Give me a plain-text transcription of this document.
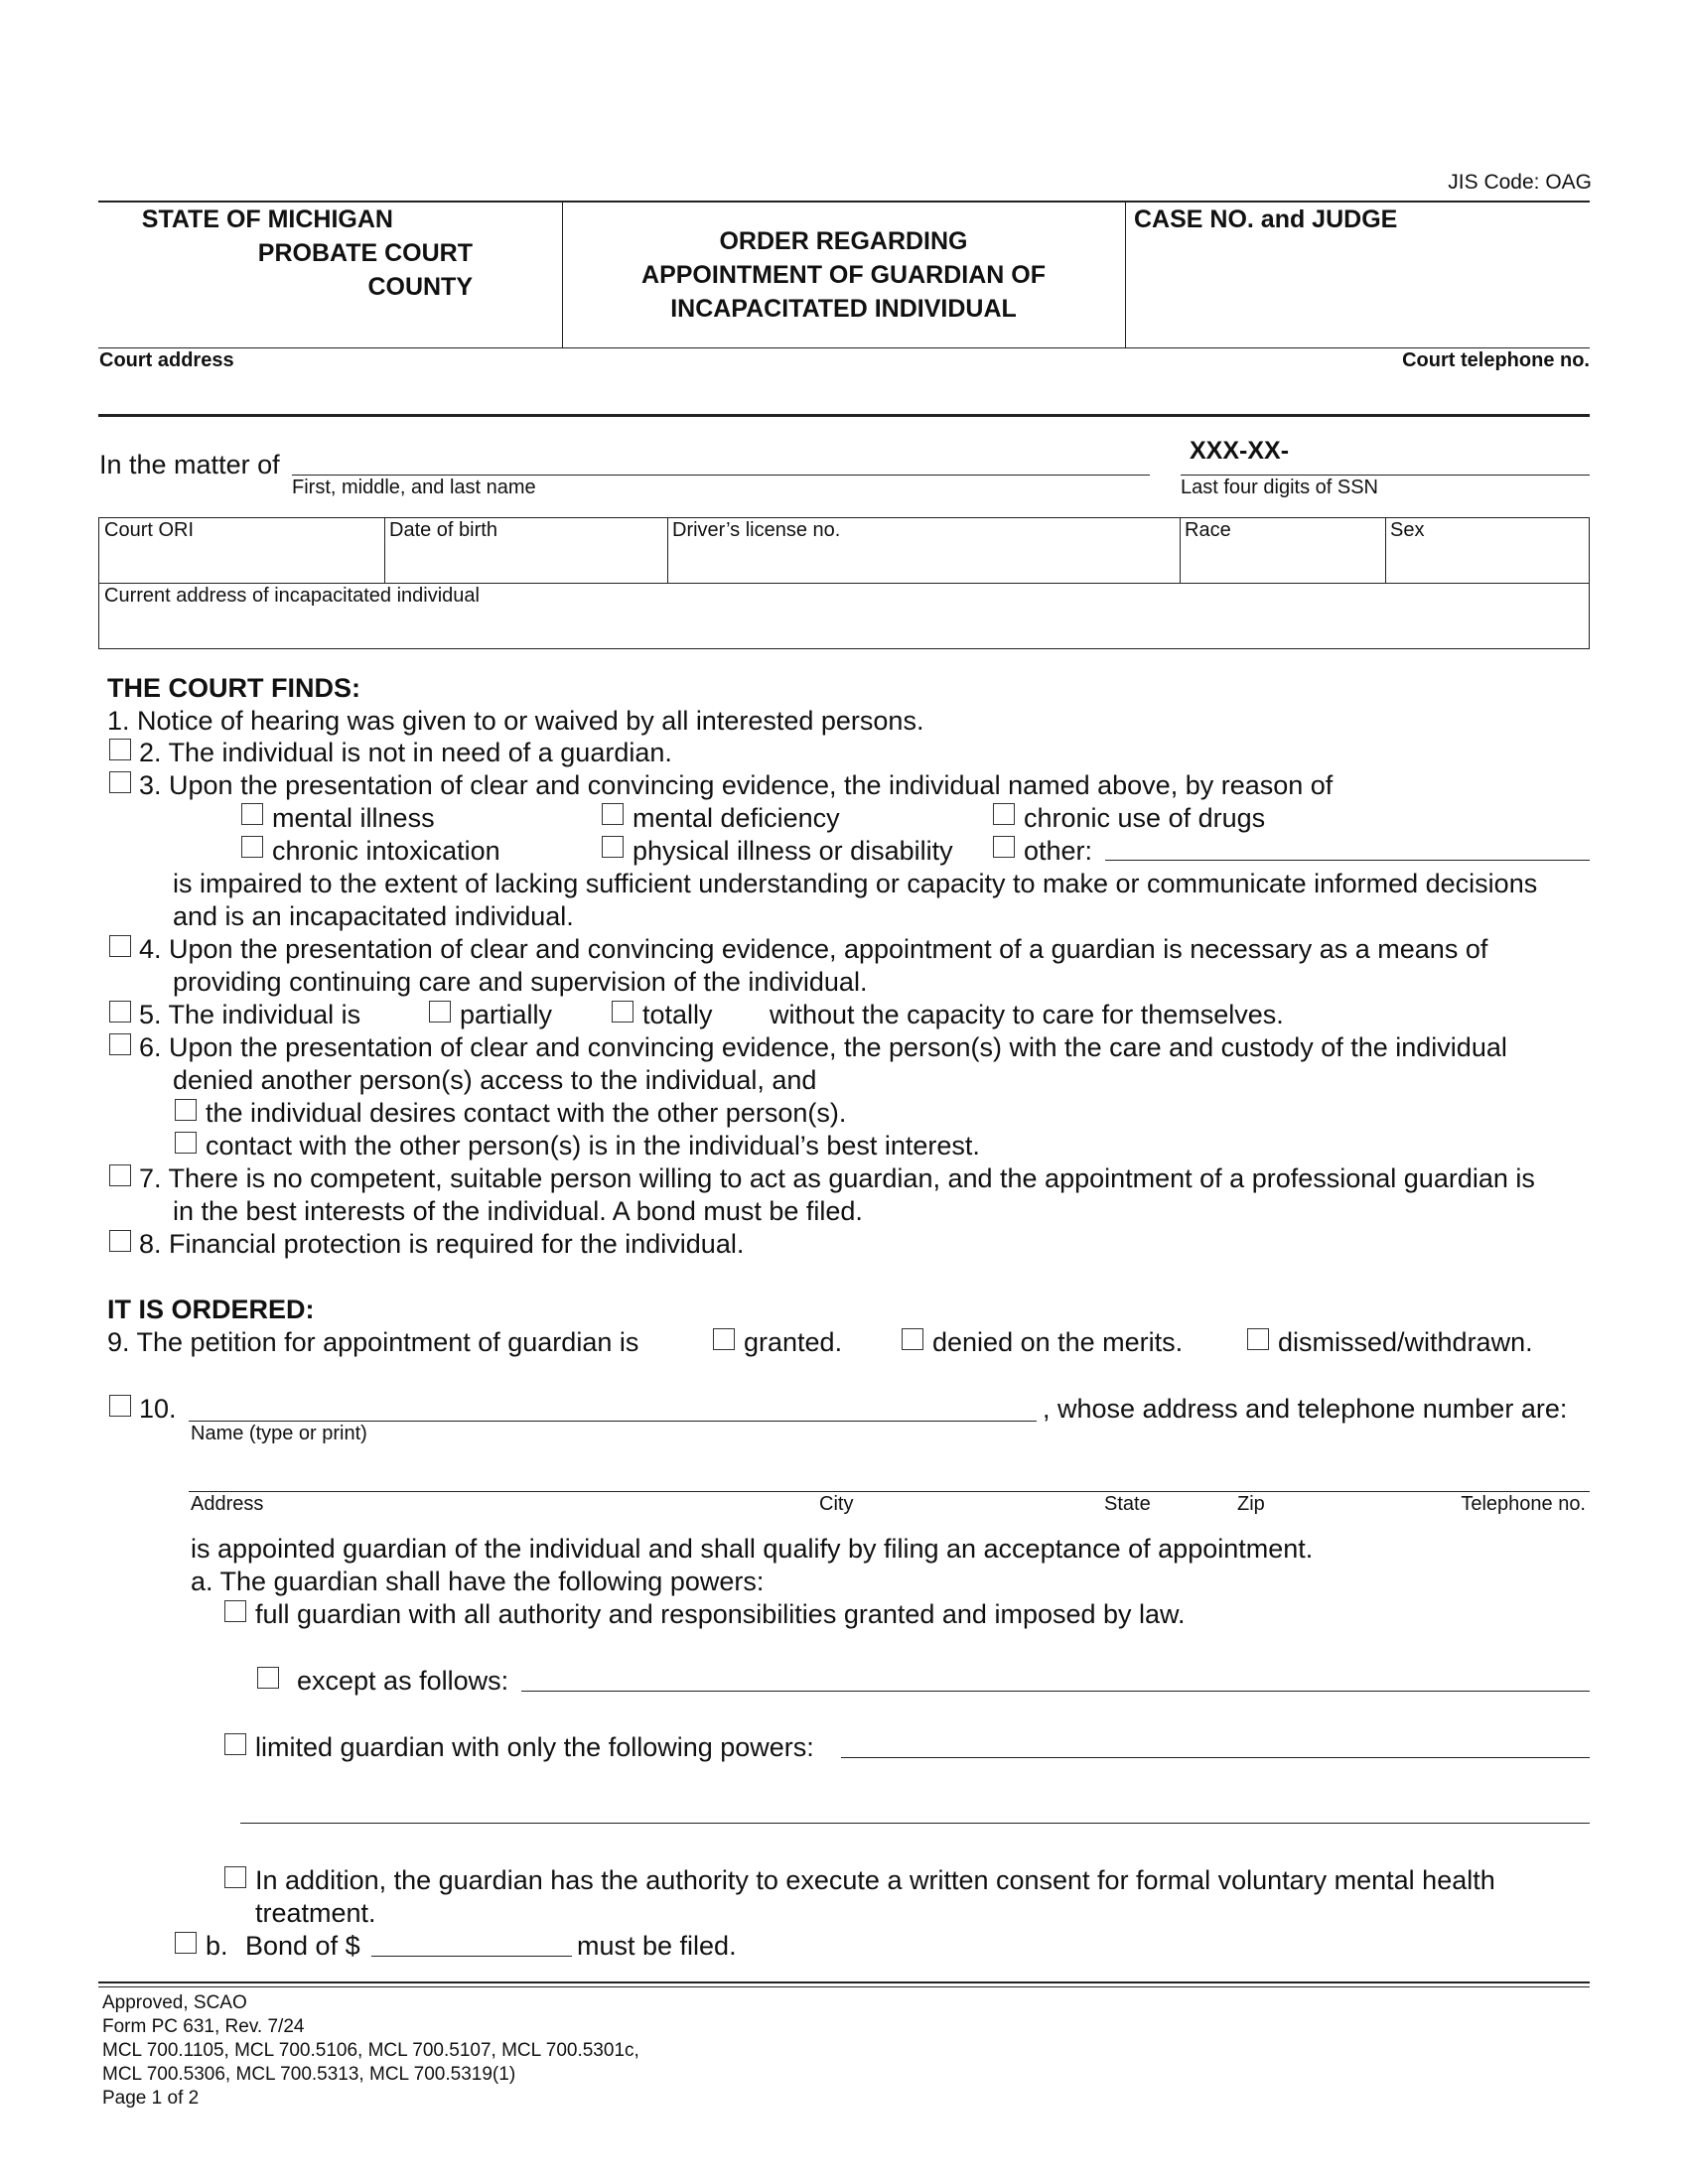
JIS Code: OAG
STATE OF MICHIGAN
PROBATE COURT
COUNTY
ORDER REGARDING
APPOINTMENT OF GUARDIAN OF
INCAPACITATED INDIVIDUAL
CASE NO. and JUDGE
Court address	Court telephone no.
In the matter of
First, middle, and last name
XXX-XX-
Last four digits of SSN
Court ORI	Date of birth	Driver’s license no.	Race	Sex
Current address of incapacitated individual
THE COURT FINDS:
1. Notice of hearing was given to or waived by all interested persons.
2. The individual is not in need of a guardian.
3. Upon the presentation of clear and convincing evidence, the individual named above, by reason of
mental illness	mental deficiency	chronic use of drugs
chronic intoxication	physical illness or disability	other:
is impaired to the extent of lacking sufficient understanding or capacity to make or communicate informed decisions
and is an incapacitated individual.
4. Upon the presentation of clear and convincing evidence, appointment of a guardian is necessary as a means of
providing continuing care and supervision of the individual.
5. The individual is	partially	totally without the capacity to care for themselves.
6. Upon the presentation of clear and convincing evidence, the person(s) with the care and custody of the individual
denied another person(s) access to the individual, and
the individual desires contact with the other person(s).
contact with the other person(s) is in the individual’s best interest.
7. There is no competent, suitable person willing to act as guardian, and the appointment of a professional guardian is
in the best interests of the individual. A bond must be filed.
8. Financial protection is required for the individual.
IT IS ORDERED:
9. The petition for appointment of guardian is	granted.	denied on the merits.	dismissed/withdrawn.
10.	, whose address and telephone number are:
Name (type or print)
Address	City	State	Zip	Telephone no.
is appointed guardian of the individual and shall qualify by filing an acceptance of appointment.
a. The guardian shall have the following powers:
full guardian with all authority and responsibilities granted and imposed by law.
except as follows:
limited guardian with only the following powers:
In addition, the guardian has the authority to execute a written consent for formal voluntary mental health
treatment.
b. Bond of $	must be filed.
Approved, SCAO
Form PC 631, Rev. 7/24
MCL 700.1105, MCL 700.5106, MCL 700.5107, MCL 700.5301c,
MCL 700.5306, MCL 700.5313, MCL 700.5319(1)
Page 1 of 2
